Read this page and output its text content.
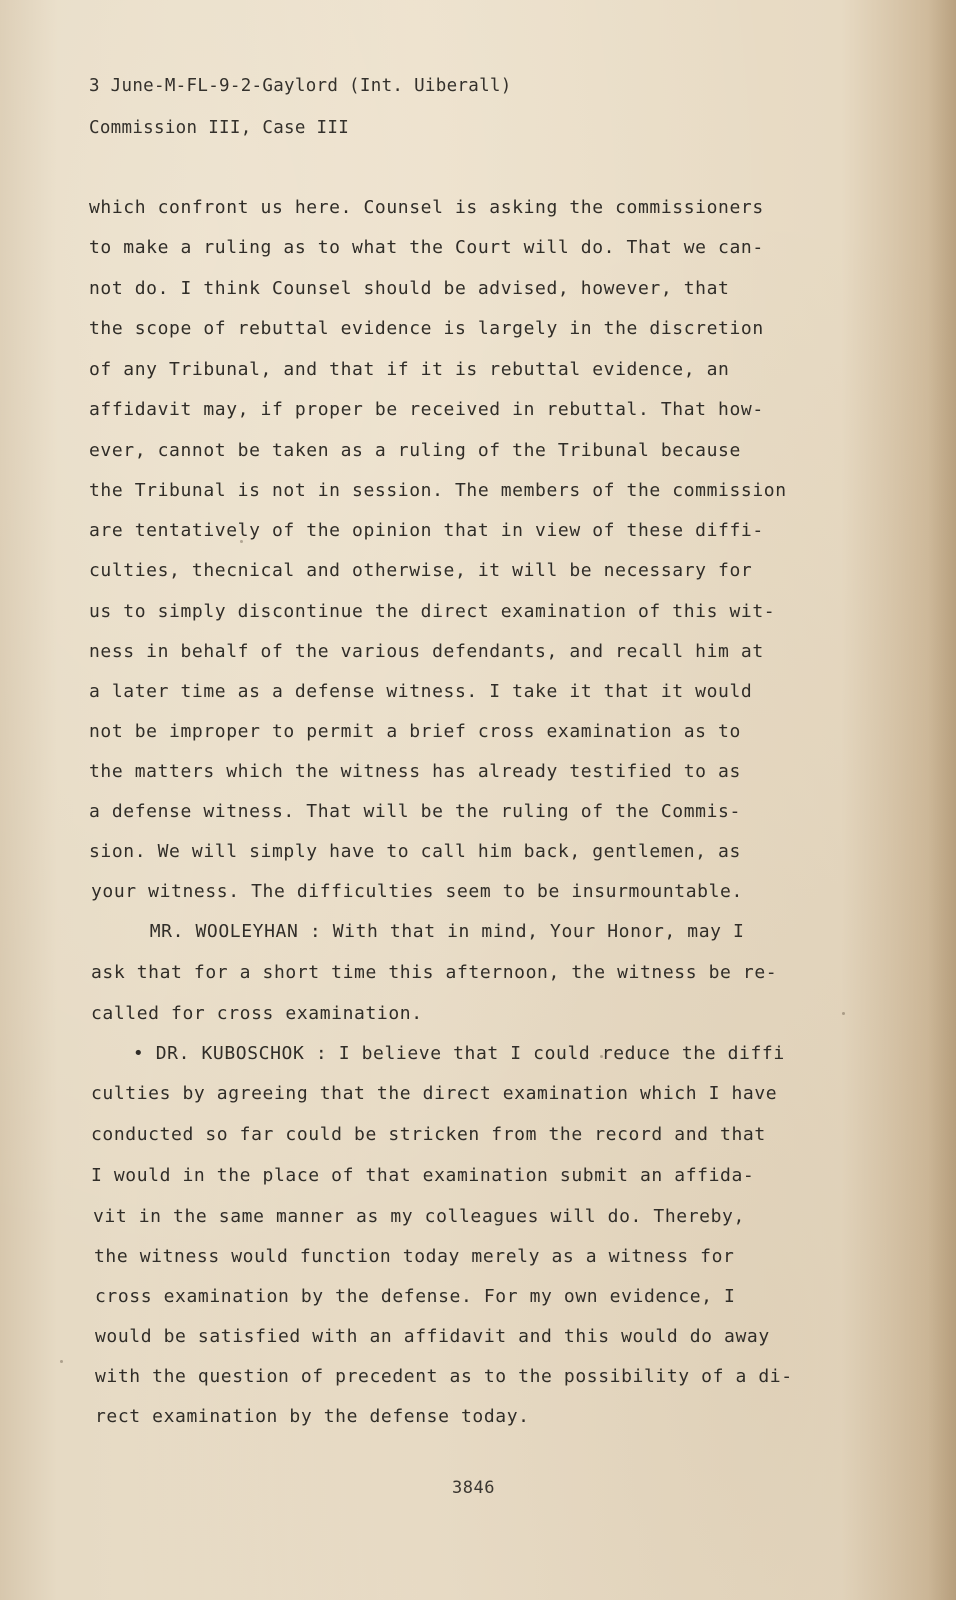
3 June-M-FL-9-2-Gaylord (Int. Uiberall)
Commission III, Case III
which confront us here. Counsel is asking the commissioners
to make a ruling as to what the Court will do. That we can-
not do. I think Counsel should be advised, however, that
the scope of rebuttal evidence is largely in the discretion
of any Tribunal, and that if it is rebuttal evidence, an
affidavit may, if proper be received in rebuttal. That how-
ever, cannot be taken as a ruling of the Tribunal because
the Tribunal is not in session. The members of the commission
are tentatively of the opinion that in view of these diffi-
culties, thecnical and otherwise, it will be necessary for
us to simply discontinue the direct examination of this wit-
ness in behalf of the various defendants, and recall him at
a later time as a defense witness. I take it that it would
not be improper to permit a brief cross examination as to
the matters which the witness has already testified to as
a defense witness. That will be the ruling of the Commis-
sion. We will simply have to call him back, gentlemen, as
your witness. The difficulties seem to be insurmountable.
MR. WOOLEYHAN : With that in mind, Your Honor, may I
ask that for a short time this afternoon, the witness be re-
called for cross examination.
• DR. KUBOSCHOK : I believe that I could reduce the diffi
culties by agreeing that the direct examination which I have
conducted so far could be stricken from the record and that
I would in the place of that examination submit an affida-
vit in the same manner as my colleagues will do. Thereby,
the witness would function today merely as a witness for
cross examination by the defense. For my own evidence, I
would be satisfied with an affidavit and this would do away
with the question of precedent as to the possibility of a di-
rect examination by the defense today.
3846
